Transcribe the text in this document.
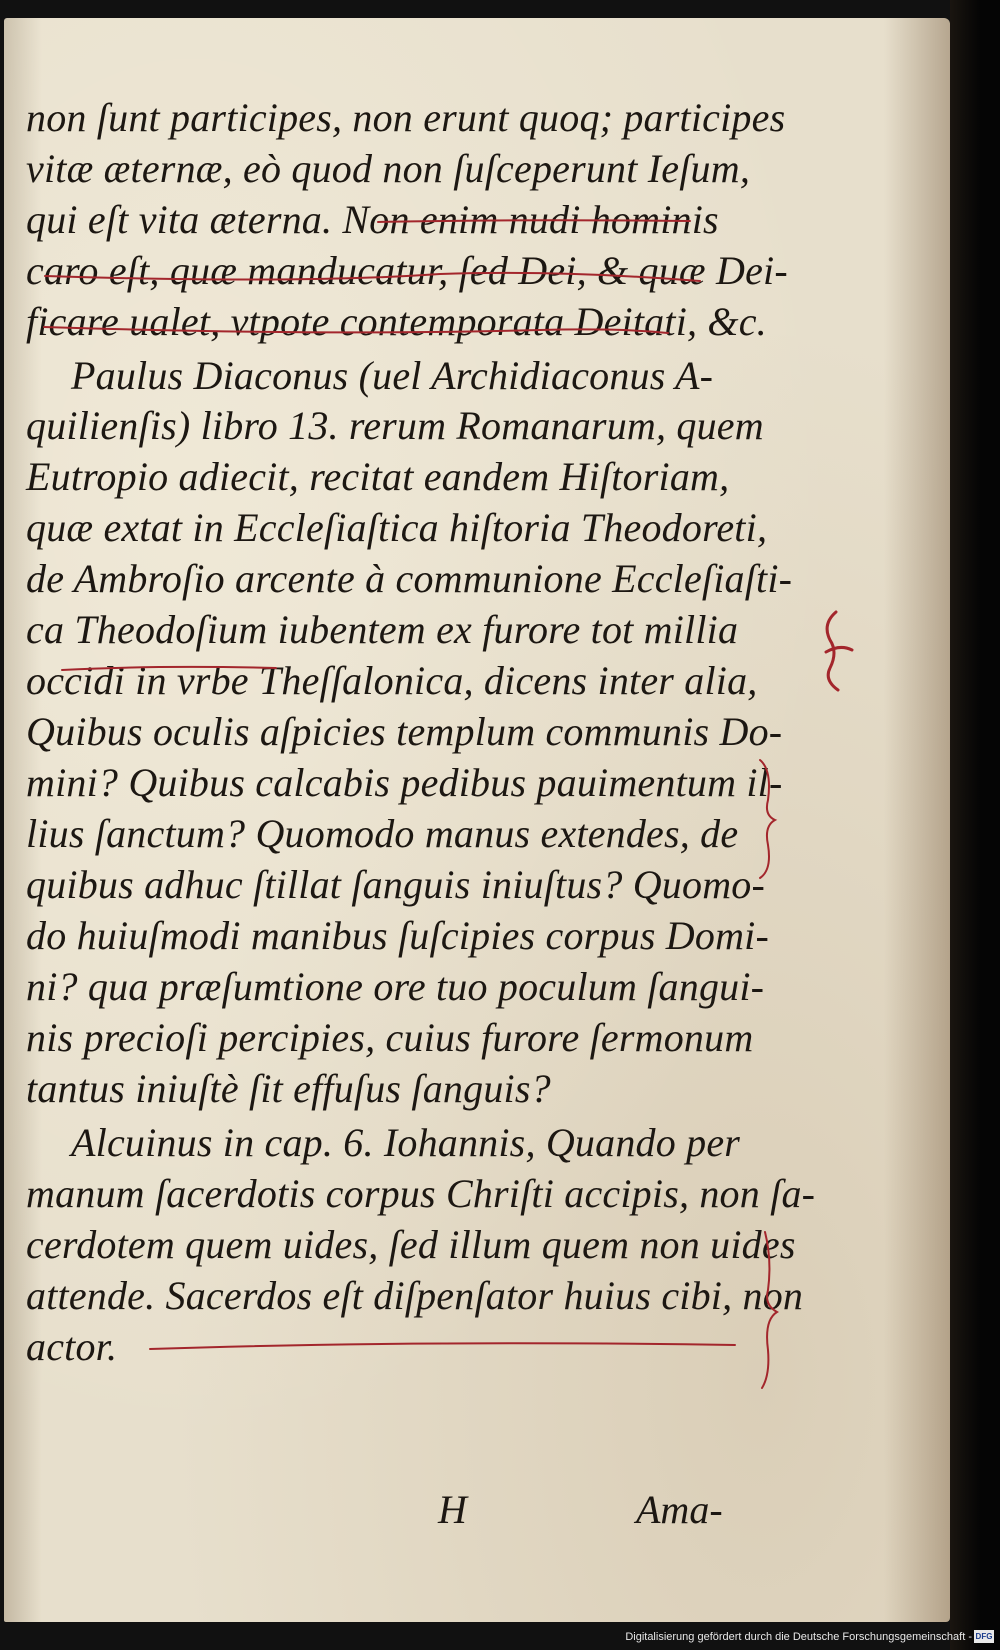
non ſunt participes, non erunt quoq; participes
vitæ æternæ, eò quod non ſuſceperunt Ieſum,
qui eſt vita æterna. Non enim nudi hominis
caro eſt, quæ manducatur, ſed Dei, & quæ Dei-
ficare ualet, vtpote contemporata Deitati, &c.
Paulus Diaconus (uel Archidiaconus A-
quilienſis) libro 13. rerum Romanarum, quem
Eutropio adiecit, recitat eandem Hiſtoriam,
quæ extat in Eccleſiaſtica hiſtoria Theodoreti,
de Ambroſio arcente à communione Eccleſiaſti-
ca Theodoſium iubentem ex furore tot millia
occidi in vrbe Theſſalonica, dicens inter alia,
Quibus oculis aſpicies templum communis Do-
mini? Quibus calcabis pedibus pauimentum il-
lius ſanctum? Quomodo manus extendes, de
quibus adhuc ſtillat ſanguis iniuſtus? Quomo-
do huiuſmodi manibus ſuſcipies corpus Domi-
ni? qua præſumtione ore tuo poculum ſangui-
nis precioſi percipies, cuius furore ſermonum
tantus iniuſtè ſit effuſus ſanguis?
Alcuinus in cap. 6. Iohannis, Quando per
manum ſacerdotis corpus Chriſti accipis, non ſa-
cerdotem quem uides, ſed illum quem non uides
attende. Sacerdos eſt diſpenſator huius cibi, non
actor.
H	Ama-
Digitalisierung gefördert durch die Deutsche Forschungsgemeinschaft - DFG
